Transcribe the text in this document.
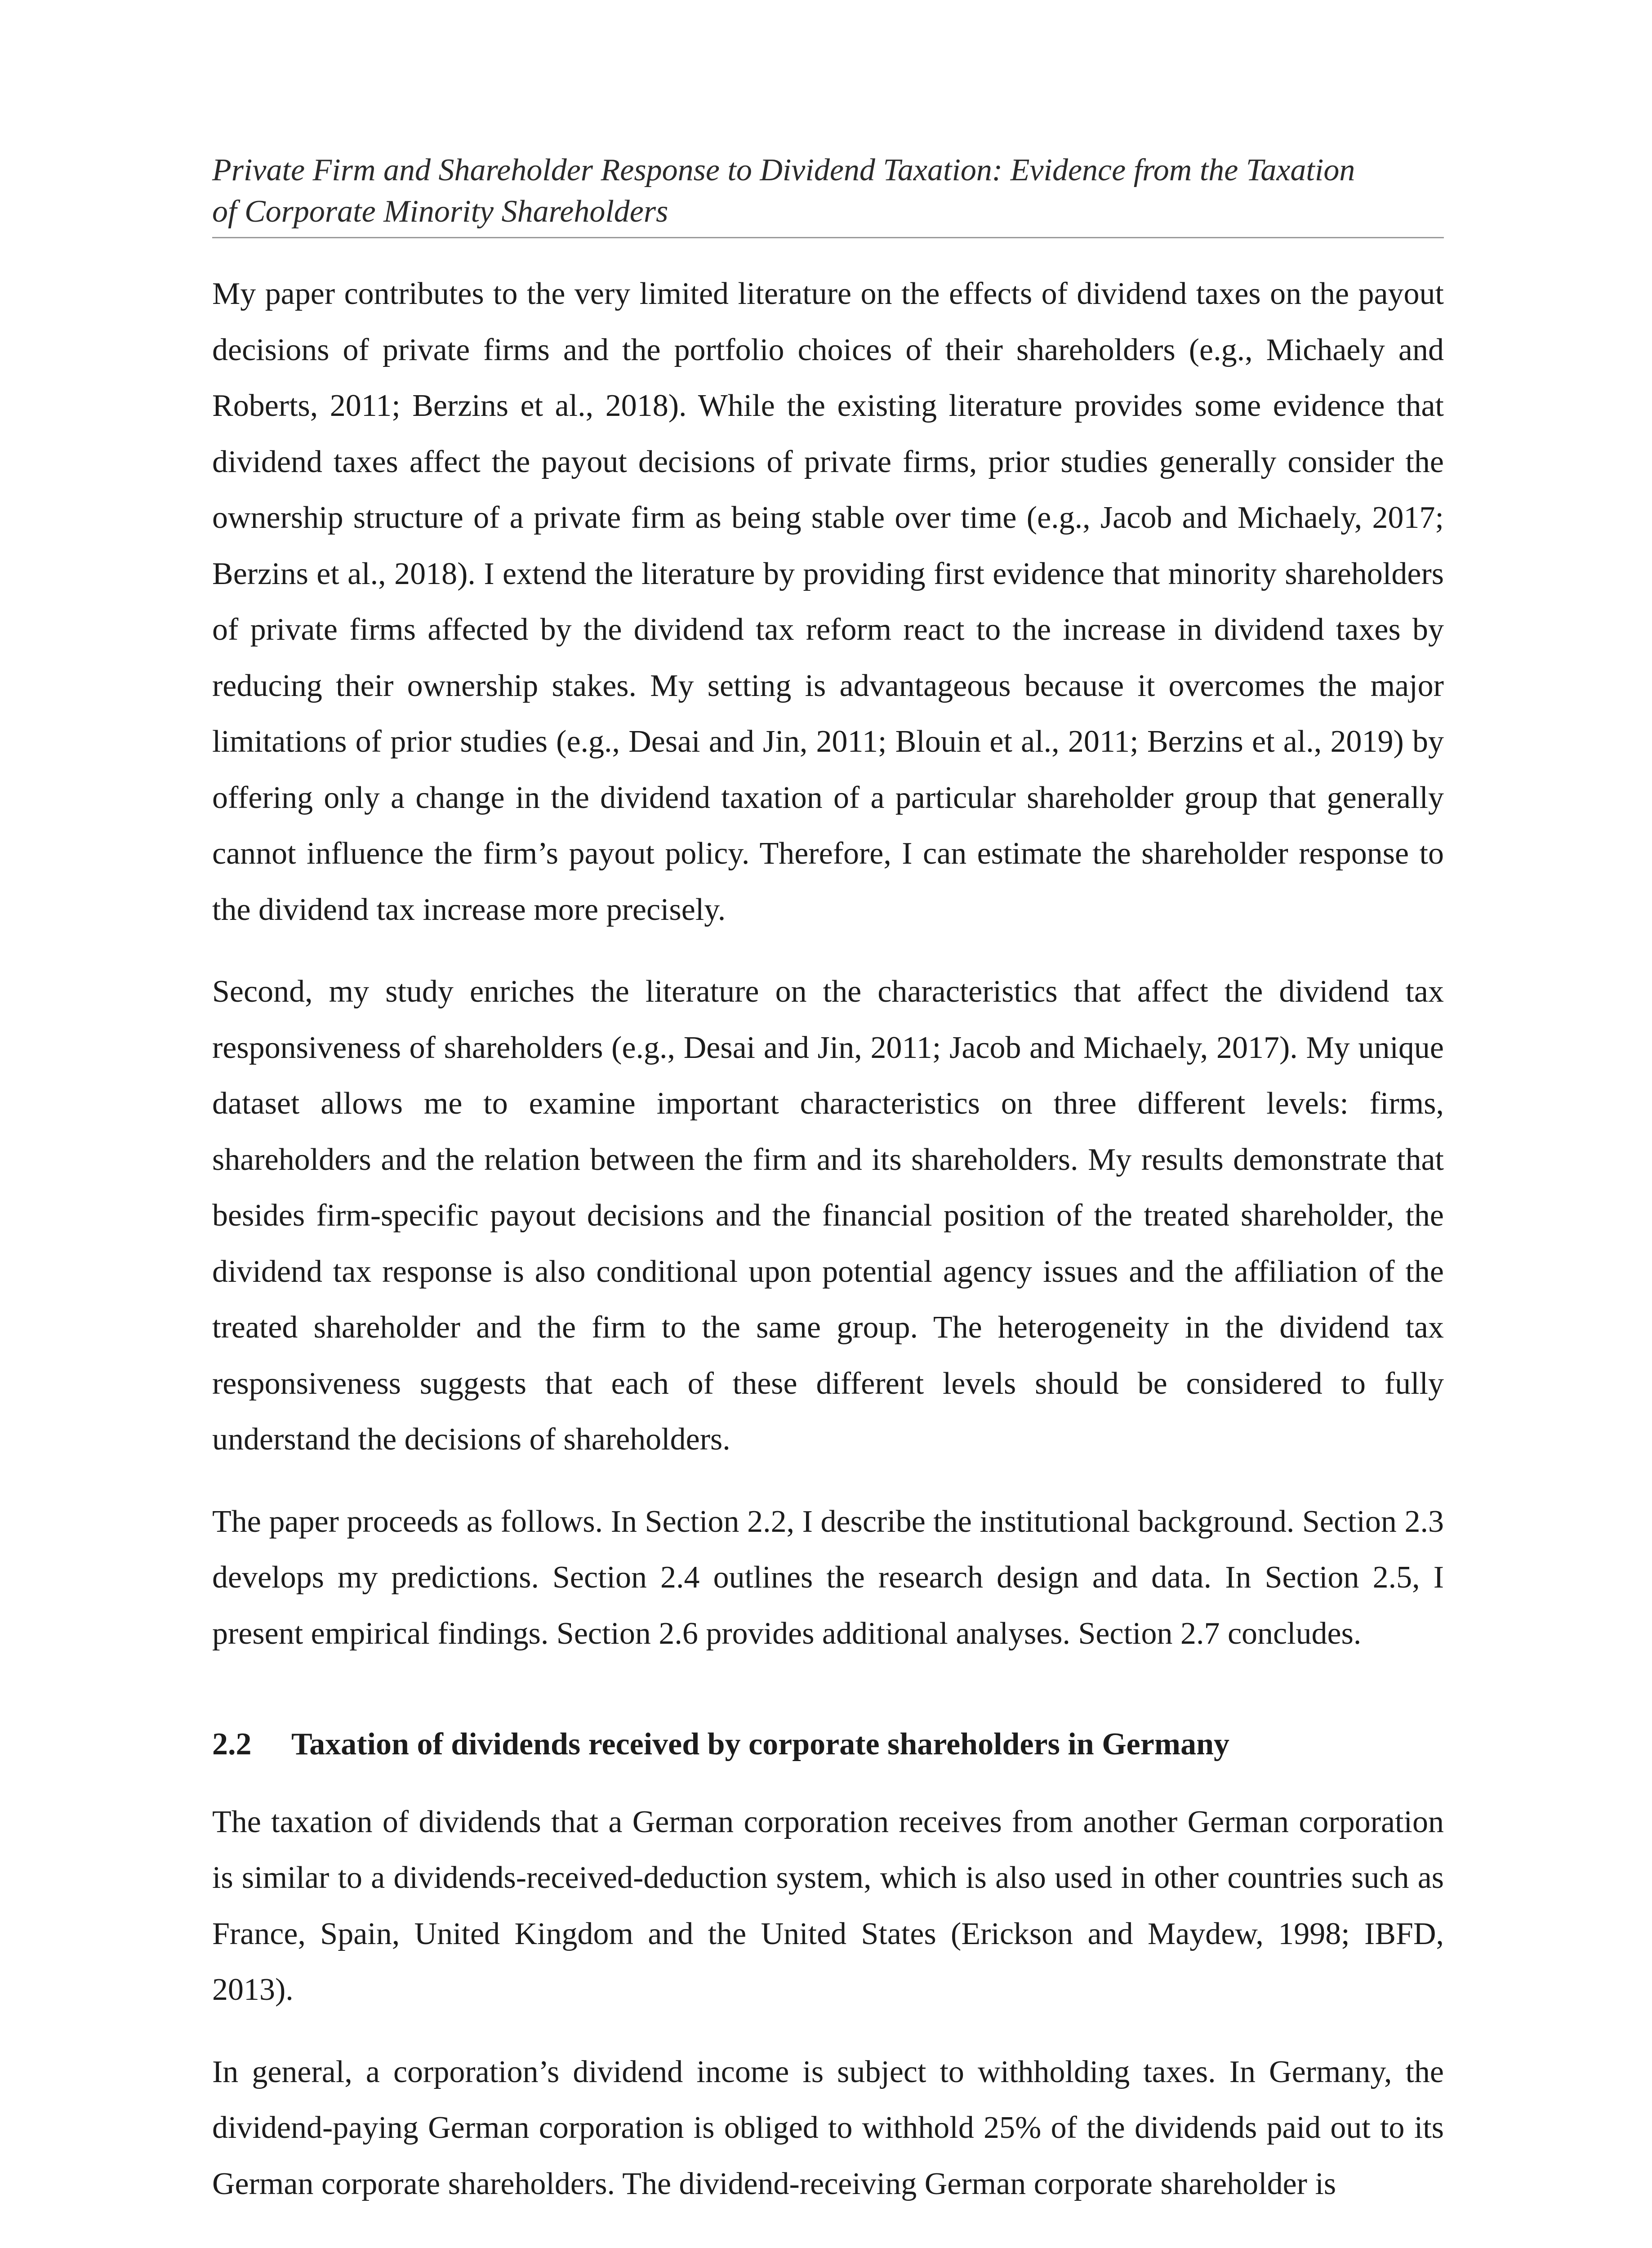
Private Firm and Shareholder Response to Dividend Taxation: Evidence from the Taxation
of Corporate Minority Shareholders

My paper contributes to the very limited literature on the effects of dividend taxes on the payout decisions of private firms and the portfolio choices of their shareholders (e.g., Michaely and Roberts, 2011; Berzins et al., 2018). While the existing literature provides some evidence that dividend taxes affect the payout decisions of private firms, prior studies generally consider the ownership structure of a private firm as being stable over time (e.g., Jacob and Michaely, 2017; Berzins et al., 2018). I extend the literature by providing first evidence that minority shareholders of private firms affected by the dividend tax reform react to the increase in dividend taxes by reducing their ownership stakes. My setting is advantageous because it overcomes the major limitations of prior studies (e.g., Desai and Jin, 2011; Blouin et al., 2011; Berzins et al., 2019) by offering only a change in the dividend taxation of a particular shareholder group that generally cannot influence the firm’s payout policy. Therefore, I can estimate the shareholder response to the dividend tax increase more precisely.

Second, my study enriches the literature on the characteristics that affect the dividend tax responsiveness of shareholders (e.g., Desai and Jin, 2011; Jacob and Michaely, 2017). My unique dataset allows me to examine important characteristics on three different levels: firms, shareholders and the relation between the firm and its shareholders. My results demonstrate that besides firm-specific payout decisions and the financial position of the treated shareholder, the dividend tax response is also conditional upon potential agency issues and the affiliation of the treated shareholder and the firm to the same group. The heterogeneity in the dividend tax responsiveness suggests that each of these different levels should be considered to fully understand the decisions of shareholders.

The paper proceeds as follows. In Section 2.2, I describe the institutional background. Section 2.3 develops my predictions. Section 2.4 outlines the research design and data. In Section 2.5, I present empirical findings. Section 2.6 provides additional analyses. Section 2.7 concludes.

2.2 Taxation of dividends received by corporate shareholders in Germany

The taxation of dividends that a German corporation receives from another German corporation is similar to a dividends-received-deduction system, which is also used in other countries such as France, Spain, United Kingdom and the United States (Erickson and Maydew, 1998; IBFD, 2013).

In general, a corporation’s dividend income is subject to withholding taxes. In Germany, the dividend-paying German corporation is obliged to withhold 25% of the dividends paid out to its German corporate shareholders. The dividend-receiving German corporate shareholder is
